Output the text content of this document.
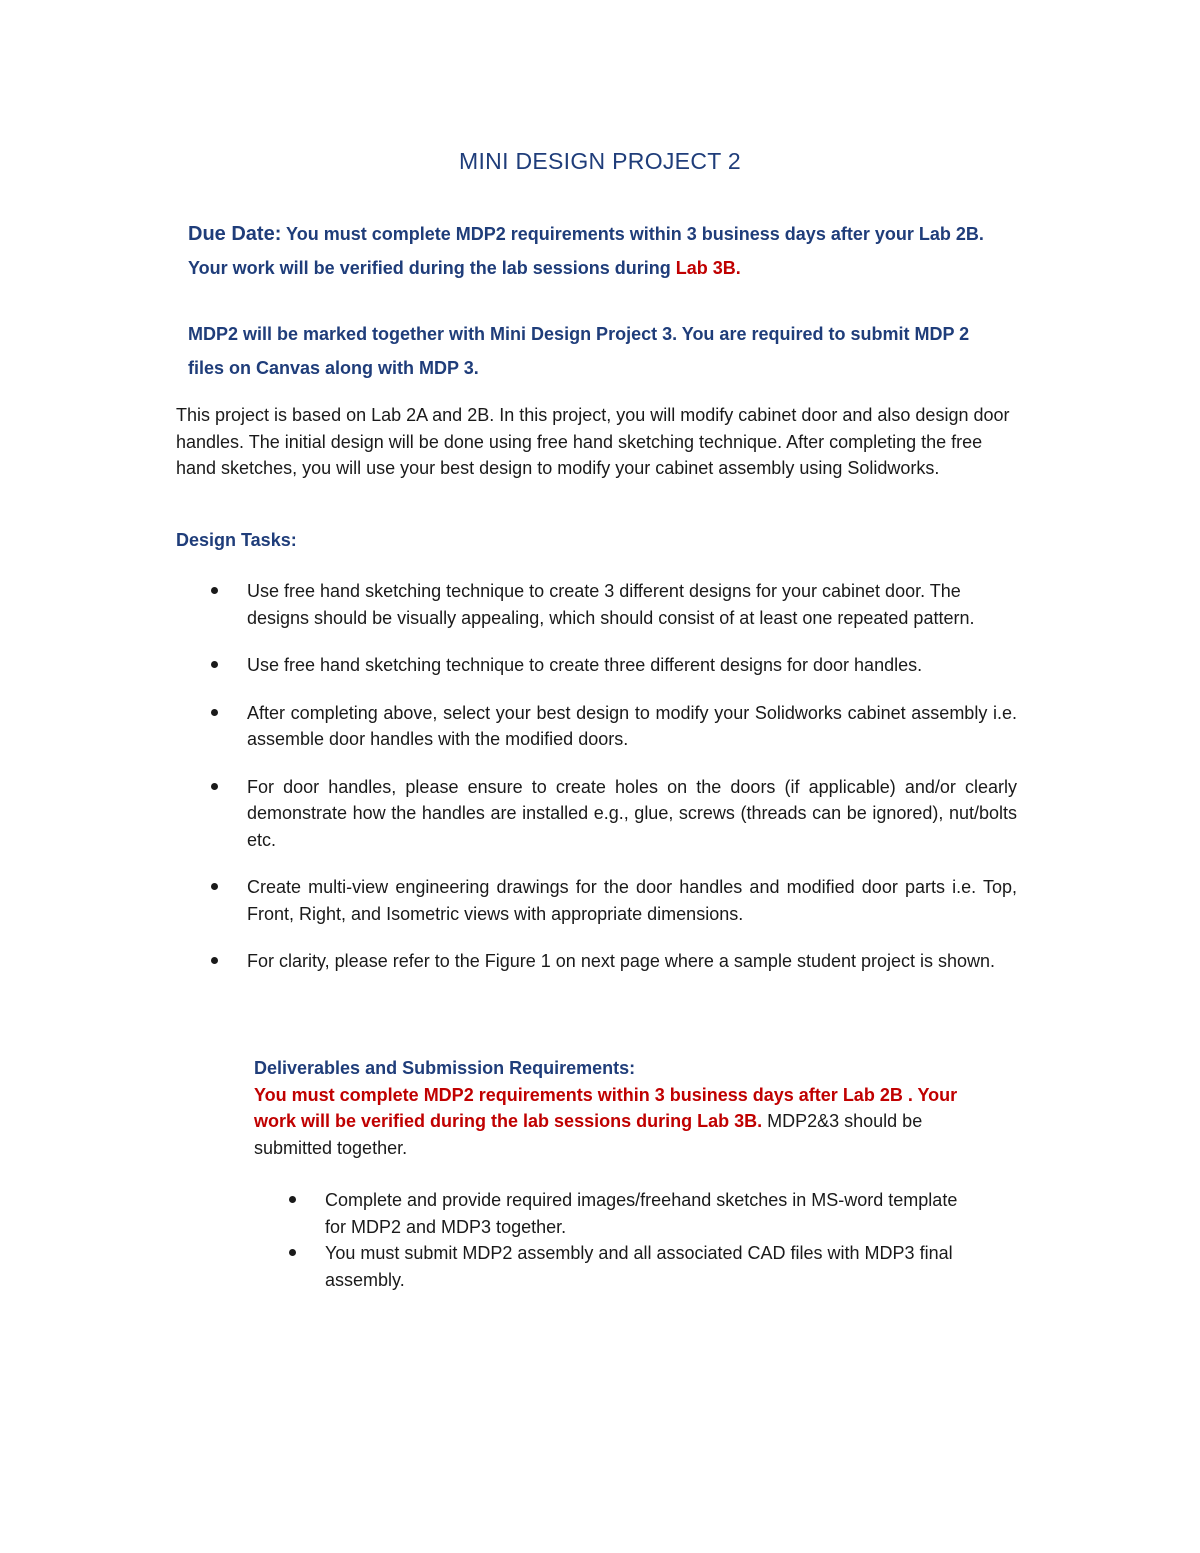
MINI DESIGN PROJECT 2
Due Date: You must complete MDP2 requirements within 3 business days after your Lab 2B. Your work will be verified during the lab sessions during Lab 3B.
MDP2 will be marked together with Mini Design Project 3. You are required to submit MDP 2 files on Canvas along with MDP 3.
This project is based on Lab 2A and 2B. In this project, you will modify cabinet door and also design door handles. The initial design will be done using free hand sketching technique. After completing the free hand sketches, you will use your best design to modify your cabinet assembly using Solidworks.
Design Tasks:
Use free hand sketching technique to create 3 different designs for your cabinet door. The designs should be visually appealing, which should consist of at least one repeated pattern.
Use free hand sketching technique to create three different designs for door handles.
After completing above, select your best design to modify your Solidworks cabinet assembly i.e. assemble door handles with the modified doors.
For door handles, please ensure to create holes on the doors (if applicable) and/or clearly demonstrate how the handles are installed e.g., glue, screws (threads can be ignored), nut/bolts etc.
Create multi-view engineering drawings for the door handles and modified door parts i.e. Top, Front, Right, and Isometric views with appropriate dimensions.
For clarity, please refer to the Figure 1 on next page where a sample student project is shown.
Deliverables and Submission Requirements:
You must complete MDP2 requirements within 3 business days after Lab 2B . Your work will be verified during the lab sessions during Lab 3B. MDP2&3 should be submitted together.
Complete and provide required images/freehand sketches in MS-word template for MDP2 and MDP3 together.
You must submit MDP2 assembly and all associated CAD files with MDP3 final assembly.
